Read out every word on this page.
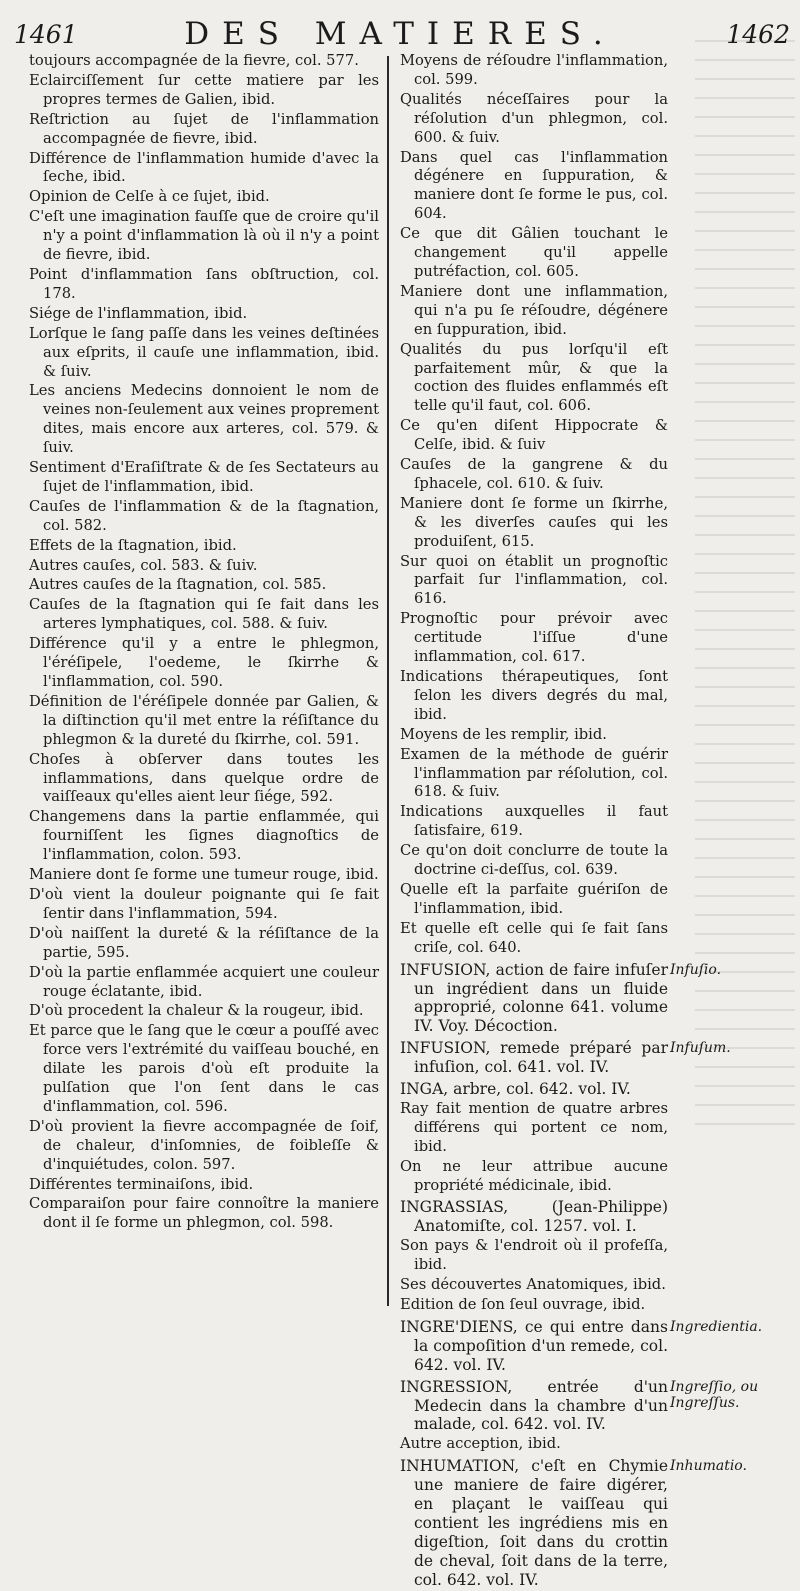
1461	DES MATIERES.	1462

toujours accompagnée de la fievre, col. 577.

Eclairciſſement ſur cette matiere par les propres termes de Galien, ibid.

Reſtriction au ſujet de l'inflammation accompagnée de fievre, ibid.

Différence de l'inflammation humide d'avec la ſeche, ibid.

Opinion de Celſe à ce ſujet, ibid.

C'eſt une imagination fauſſe que de croire qu'il n'y a point d'inflammation là où il n'y a point de fievre, ibid.

Point d'inflammation ſans obſtruction, col. 178.

Siége de l'inflammation, ibid.

Lorſque le ſang paſſe dans les veines deſtinées aux eſprits, il cauſe une inflammation, ibid. & ſuiv.

Les anciens Medecins donnoient le nom de veines non-ſeulement aux veines proprement dites, mais encore aux arteres, col. 579. & ſuiv.

Sentiment d'Eraſiſtrate & de ſes Sectateurs au ſujet de l'inflammation, ibid.

Cauſes de l'inflammation & de la ſtagnation, col. 582.

Effets de la ſtagnation, ibid.

Autres cauſes, col. 583. & ſuiv.

Autres cauſes de la ſtagnation, col. 585.

Cauſes de la ſtagnation qui ſe fait dans les arteres lymphatiques, col. 588. & ſuiv.

Différence qu'il y a entre le phlegmon, l'éréſipele, l'oedeme, le ſkirrhe & l'inflammation, col. 590.

Définition de l'éréſipele donnée par Galien, & la diſtinction qu'il met entre la réſiſtance du phlegmon & la dureté du ſkirrhe, col. 591.

Choſes à obſerver dans toutes les inflammations, dans quelque ordre de vaiſſeaux qu'elles aient leur ſiége, 592.

Changemens dans la partie enflammée, qui fourniſſent les ſignes diagnoſtics de l'inflammation, colon. 593.

Maniere dont ſe forme une tumeur rouge, ibid.

D'où vient la douleur poignante qui ſe fait ſentir dans l'inflammation, 594.

D'où naiſſent la dureté & la réſiſtance de la partie, 595.

D'où la partie enflammée acquiert une couleur rouge éclatante, ibid.

D'où procedent la chaleur & la rougeur, ibid.

Et parce que le ſang que le cœur a pouſſé avec force vers l'extrémité du vaiſſeau bouché, en dilate les parois d'où eſt produite la pulſation que l'on ſent dans le cas d'inflammation, col. 596.

D'où provient la fievre accompagnée de ſoif, de chaleur, d'inſomnies, de foibleſſe & d'inquiétudes, colon. 597.

Différentes terminaiſons, ibid.

Comparaiſon pour faire connoître la maniere dont il ſe forme un phlegmon, col. 598.

Moyens de réſoudre l'inflammation, col. 599.

Qualités néceſſaires pour la réſolution d'un phlegmon, col. 600. & ſuiv.

Dans quel cas l'inflammation dégénere en ſuppuration, & maniere dont ſe forme le pus, col. 604.

Ce que dit Gâlien touchant le changement qu'il appelle putréfaction, col. 605.

Maniere dont une inflammation, qui n'a pu ſe réſoudre, dégénere en ſuppuration, ibid.

Qualités du pus lorſqu'il eſt parfaitement mûr, & que la coction des fluides enflammés eſt telle qu'il faut, col. 606.

Ce qu'en diſent Hippocrate & Celſe, ibid. & ſuiv

Cauſes de la gangrene & du ſphacele, col. 610. & ſuiv.

Maniere dont ſe forme un ſkirrhe, & les diverſes cauſes qui les produiſent, 615.

Sur quoi on établit un prognoſtic parfait ſur l'inflammation, col. 616.

Prognoſtic pour prévoir avec certitude l'iſſue d'une inflammation, col. 617.

Indications thérapeutiques, ſont ſelon les divers degrés du mal, ibid.

Moyens de les remplir, ibid.

Examen de la méthode de guérir l'inflammation par réſolution, col. 618. & ſuiv.

Indications auxquelles il faut ſatisfaire, 619.

Ce qu'on doit conclurre de toute la doctrine ci-deſſus, col. 639.

Quelle eſt la parfaite guériſon de l'inflammation, ibid.

Et quelle eſt celle qui ſe fait ſans criſe, col. 640.

INFUSION, action de faire infuſer un ingrédient dans un fluide approprié, colonne 641. volume IV. Voy. Décoction.

INFUSION, remede préparé par infuſion, col. 641. vol. IV.

INGA, arbre, col. 642. vol. IV.

Ray fait mention de quatre arbres différens qui portent ce nom, ibid.

On ne leur attribue aucune propriété médicinale, ibid.

INGRASSIAS, (Jean-Philippe) Anatomiſte, col. 1257. vol. I.

Son pays & l'endroit où il profeſſa, ibid.

Ses découvertes Anatomiques, ibid.

Edition de ſon ſeul ouvrage, ibid.

INGRE'DIENS, ce qui entre dans la compoſition d'un remede, col. 642. vol. IV.

INGRESSION, entrée d'un Medecin dans la chambre d'un malade, col. 642. vol. IV.

Autre acception, ibid.

INHUMATION, c'eſt en Chymie une maniere de faire digérer, en plaçant le vaiſſeau qui contient les ingrédiens mis en digeſtion, ſoit dans du crottin de cheval, ſoit dans de la terre, col. 642. vol. IV.

Infuſio.
Infuſum.
Ingredientia.
Ingreſſio, ou Ingreſſus.
Inhumatio.
